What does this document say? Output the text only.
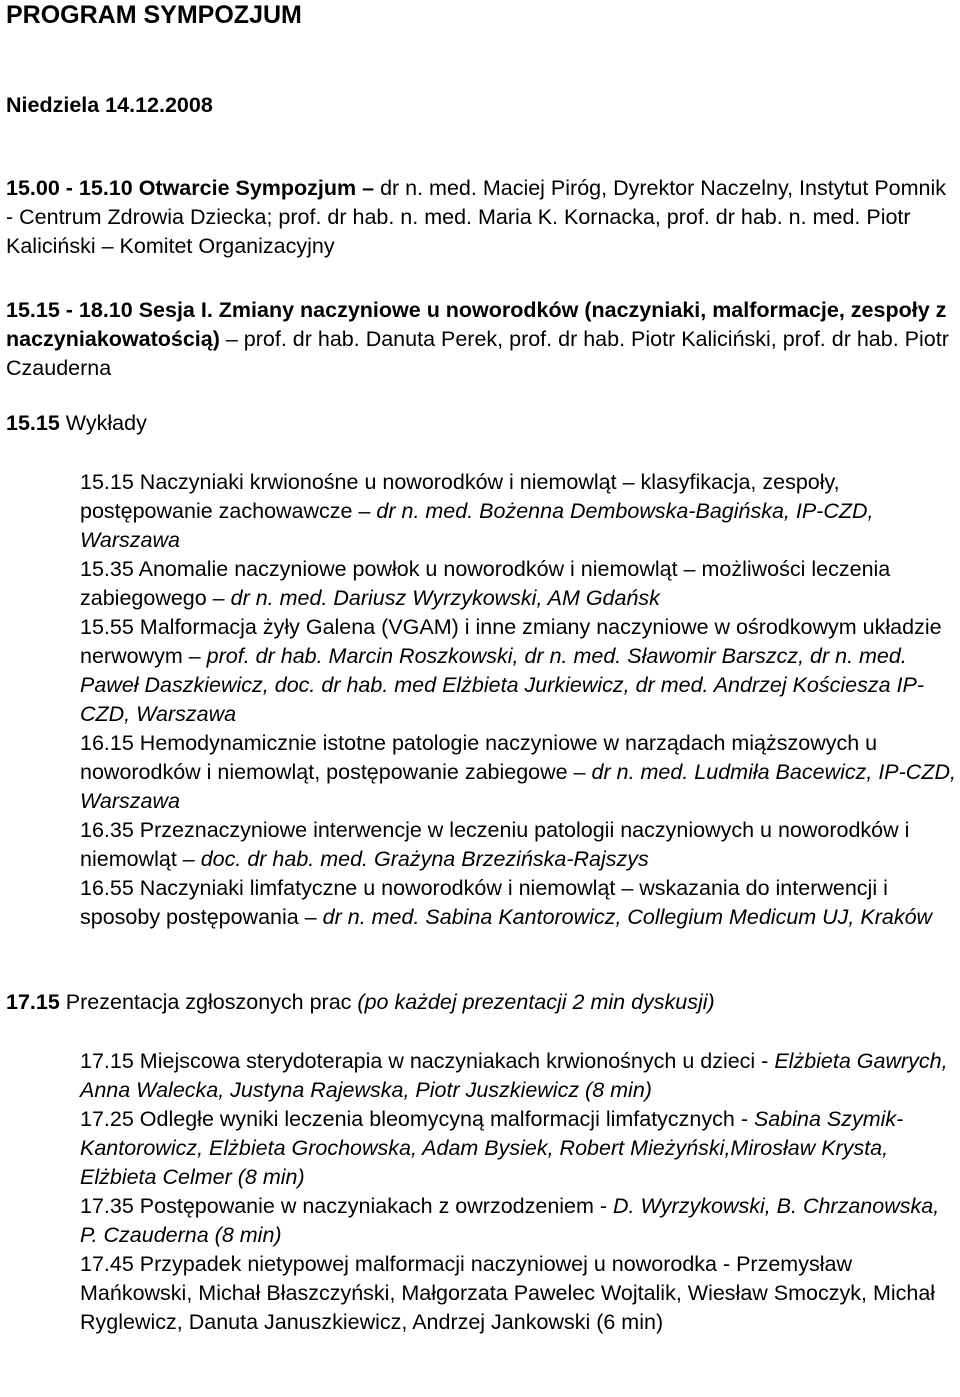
PROGRAM SYMPOZJUM
Niedziela 14.12.2008

15.00 - 15.10 Otwarcie Sympozjum – dr n. med. Maciej Piróg, Dyrektor Naczelny, Instytut Pomnik - Centrum Zdrowia Dziecka; prof. dr hab. n. med. Maria K. Kornacka, prof. dr hab. n. med. Piotr Kaliciński – Komitet Organizacyjny

15.15 - 18.10 Sesja I. Zmiany naczyniowe u noworodków (naczyniaki, malformacje, zespoły z naczyniakowatością) – prof. dr hab. Danuta Perek, prof. dr hab. Piotr Kaliciński, prof. dr hab. Piotr Czauderna

15.15 Wykłady

15.15 Naczyniaki krwionośne u noworodków i niemowląt – klasyfikacja, zespoły, postępowanie zachowawcze – dr n. med. Bożenna Dembowska-Bagińska, IP-CZD, Warszawa

15.35 Anomalie naczyniowe powłok u noworodków i niemowląt – możliwości leczenia zabiegowego – dr n. med. Dariusz Wyrzykowski, AM Gdańsk

15.55 Malformacja żyły Galena (VGAM) i inne zmiany naczyniowe w ośrodkowym układzie nerwowym – prof. dr hab. Marcin Roszkowski, dr n. med. Sławomir Barszcz, dr n. med. Paweł Daszkiewicz, doc. dr hab. med Elżbieta Jurkiewicz, dr med. Andrzej Kościesza IP-CZD, Warszawa

16.15 Hemodynamicznie istotne patologie naczyniowe w narządach miąższowych u noworodków i niemowląt, postępowanie zabiegowe – dr n. med. Ludmiła Bacewicz, IP-CZD, Warszawa

16.35 Przeznaczyniowe interwencje w leczeniu patologii naczyniowych u noworodków i niemowląt – doc. dr hab. med. Grażyna Brzezińska-Rajszys

16.55 Naczyniaki limfatyczne u noworodków i niemowląt – wskazania do interwencji i sposoby postępowania – dr n. med. Sabina Kantorowicz, Collegium Medicum UJ, Kraków

17.15 Prezentacja zgłoszonych prac (po każdej prezentacji 2 min dyskusji)

17.15 Miejscowa sterydoterapia w naczyniakach krwionośnych u dzieci - Elżbieta Gawrych, Anna Walecka, Justyna Rajewska, Piotr Juszkiewicz (8 min)

17.25 Odległe wyniki leczenia bleomycyną malformacji limfatycznych - Sabina Szymik-Kantorowicz, Elżbieta Grochowska, Adam Bysiek, Robert Mieżyński,Mirosław Krysta, Elżbieta Celmer (8 min)

17.35 Postępowanie w naczyniakach z owrzodzeniem - D. Wyrzykowski, B. Chrzanowska, P. Czauderna (8 min)

17.45 Przypadek nietypowej malformacji naczyniowej u noworodka - Przemysław Mańkowski, Michał Błaszczyński, Małgorzata Pawelec Wojtalik, Wiesław Smoczyk, Michał Ryglewicz, Danuta Januszkiewicz, Andrzej Jankowski (6 min)
